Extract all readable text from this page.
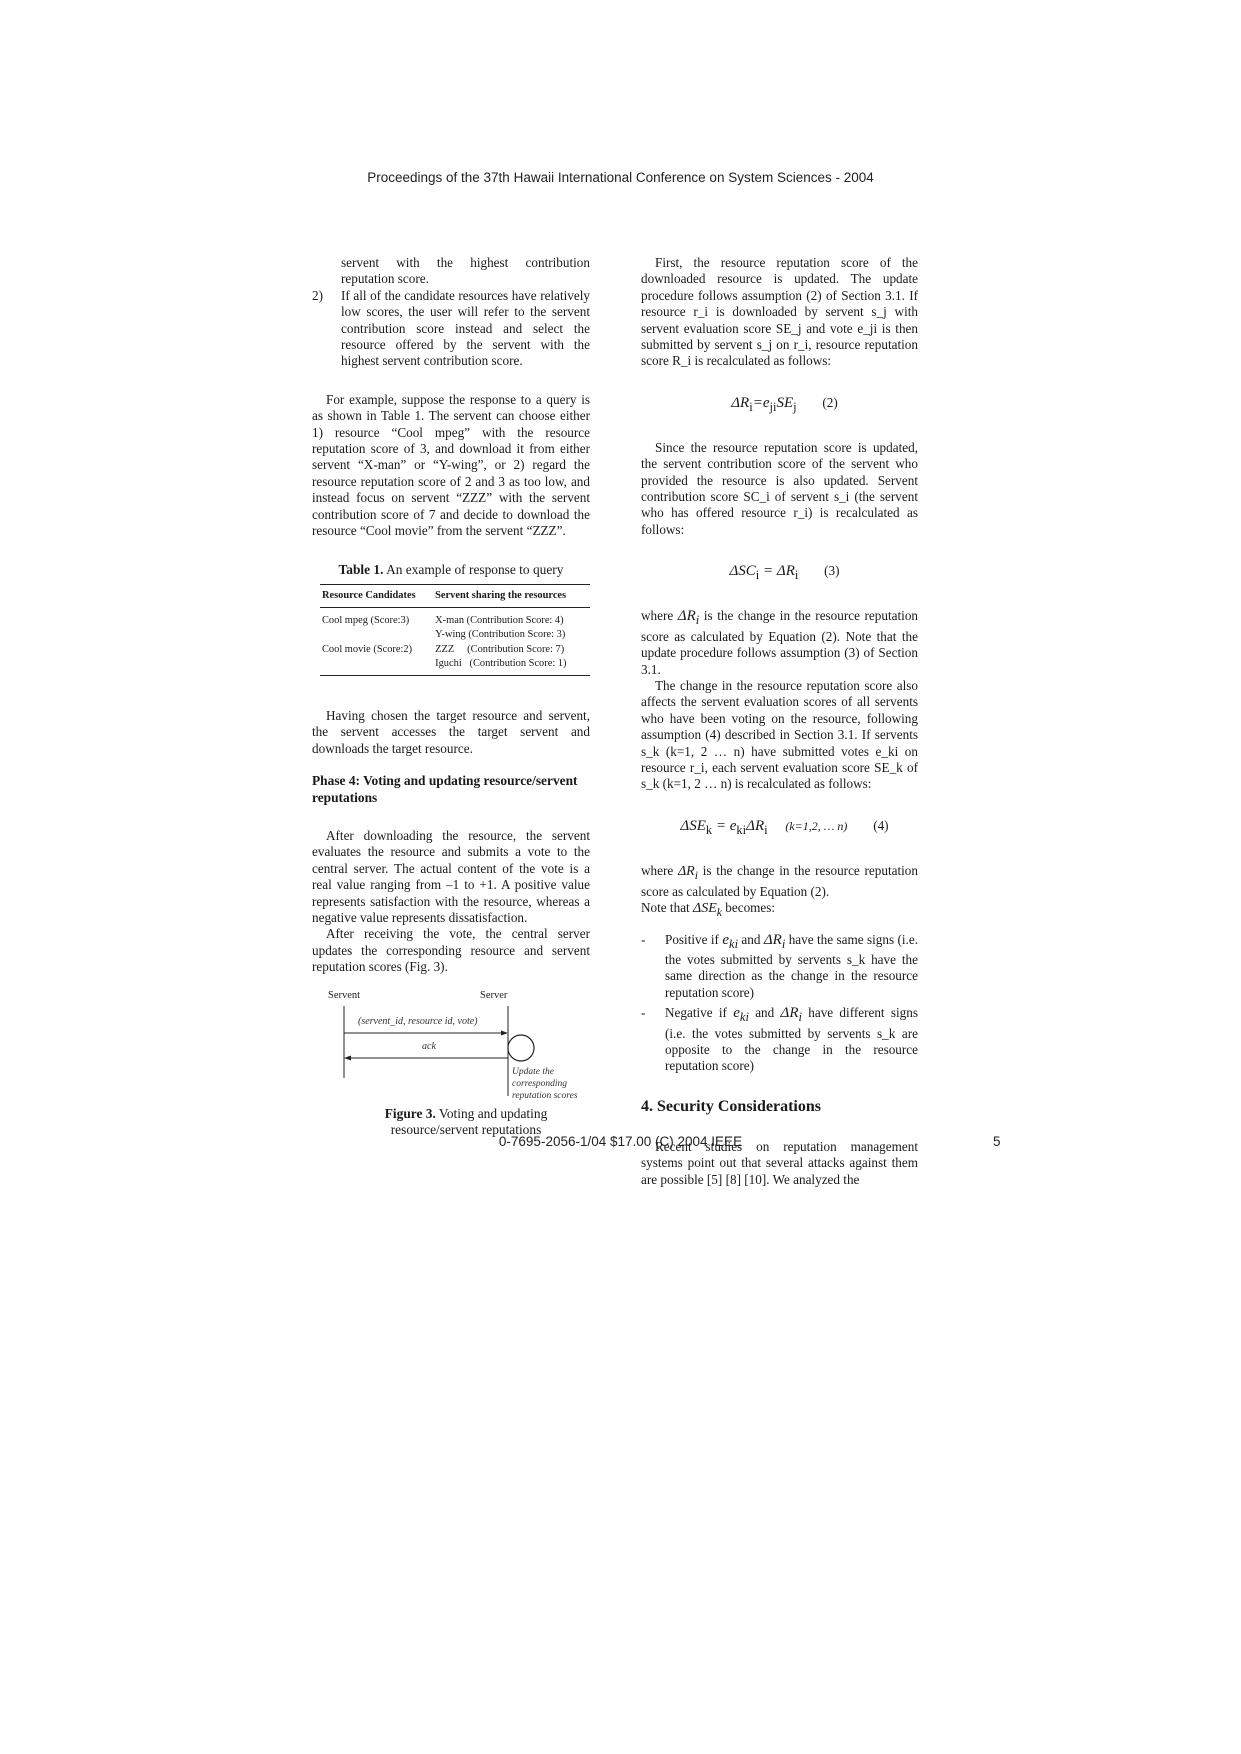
Proceedings of the 37th Hawaii International Conference on System Sciences - 2004

servent with the highest contribution reputation score.

2) If all of the candidate resources have relatively low scores, the user will refer to the servent contribution score instead and select the resource offered by the servent with the highest servent contribution score.

For example, suppose the response to a query is as shown in Table 1. The servent can choose either 1) resource “Cool mpeg” with the resource reputation score of 3, and download it from either servent “X-man” or “Y-wing”, or 2) regard the resource reputation score of 2 and 3 as too low, and instead focus on servent “ZZZ” with the servent contribution score of 7 and decide to download the resource “Cool movie” from the servent “ZZZ”.

Table 1. An example of response to query
Resource Candidates	Servent sharing the resources
Cool mpeg (Score:3)	X-man (Contribution Score: 4)
	Y-wing (Contribution Score: 3)
Cool movie (Score:2)	ZZZ     (Contribution Score: 7)
	Iguchi   (Contribution Score: 1)

Having chosen the target resource and servent, the servent accesses the target servent and downloads the target resource.

Phase 4: Voting and updating resource/servent reputations

After downloading the resource, the servent evaluates the resource and submits a vote to the central server. The actual content of the vote is a real value ranging from –1 to +1. A positive value represents satisfaction with the resource, whereas a negative value represents dissatisfaction.

After receiving the vote, the central server updates the corresponding resource and servent reputation scores (Fig. 3).

Servent	Server
(servent_id, resource id, vote)
ack
Update the
corresponding
reputation scores
Figure 3. Voting and updating resource/servent reputations

First, the resource reputation score of the downloaded resource is updated. The update procedure follows assumption (2) of Section 3.1. If resource r_i is downloaded by servent s_j with servent evaluation score SE_j and vote e_ji is then submitted by servent s_j on r_i, resource reputation score R_i is recalculated as follows:

$\Delta R_i=e_{ji}SE_j$ (2)

Since the resource reputation score is updated, the servent contribution score of the servent who provided the resource is also updated. Servent contribution score SC_i of servent s_i (the servent who has offered resource r_i) is recalculated as follows:

$\Delta SC_i = \Delta R_i$ (3)

where $\Delta R_i$ is the change in the resource reputation score as calculated by Equation (2). Note that the update procedure follows assumption (3) of Section 3.1.

The change in the resource reputation score also affects the servent evaluation scores of all servents who have been voting on the resource, following assumption (4) described in Section 3.1. If servents s_k (k=1, 2 … n) have submitted votes e_ki on resource r_i, each servent evaluation score SE_k of s_k (k=1, 2 … n) is recalculated as follows:

$\Delta SE_k = e_{ki}\Delta R_i$ (k=1,2, … n) (4)

where $\Delta R_i$ is the change in the resource reputation score as calculated by Equation (2).

Note that $\Delta SE_k$ becomes:

- Positive if $e_{ki}$ and $\Delta R_i$ have the same signs (i.e. the votes submitted by servents s_k have the same direction as the change in the resource reputation score)
- Negative if $e_{ki}$ and $\Delta R_i$ have different signs (i.e. the votes submitted by servents s_k are opposite to the change in the resource reputation score)

4. Security Considerations

Recent studies on reputation management systems point out that several attacks against them are possible [5] [8] [10]. We analyzed the

0-7695-2056-1/04 $17.00 (C) 2004 IEEE	5
